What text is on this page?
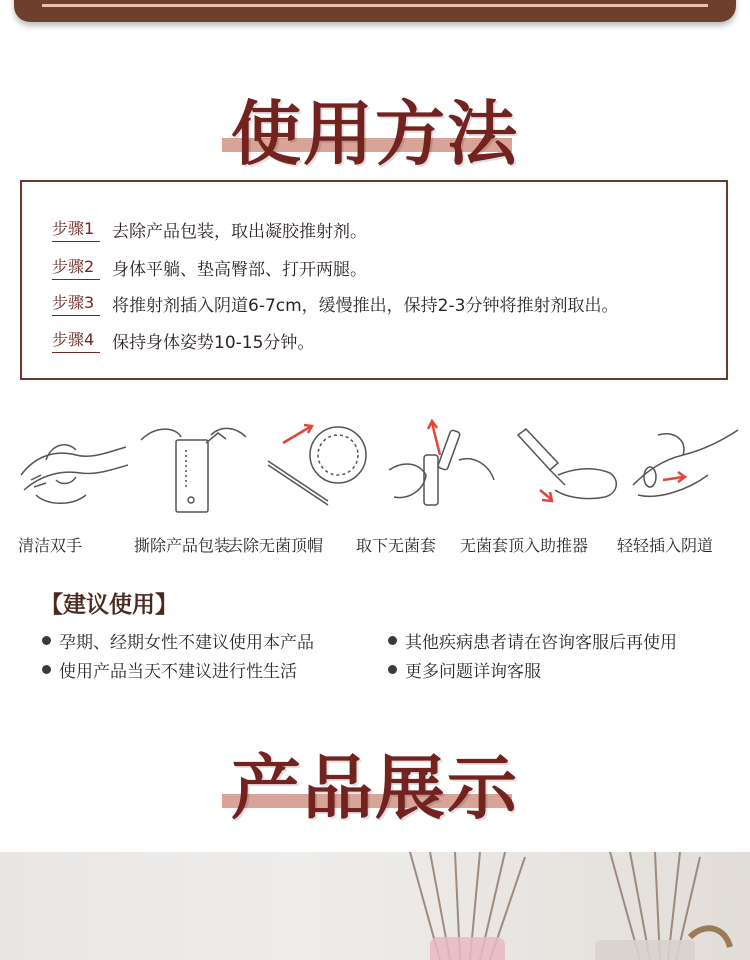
使用方法
步骤1	去除产品包装，取出凝胶推射剂。
步骤2	身体平躺、垫高臀部、打开两腿。
步骤3	将推射剂插入阴道6-7cm，缓慢推出，保持2-3分钟将推射剂取出。
步骤4	保持身体姿势10-15分钟。
清洁双手	撕除产品包装
去除无菌顶帽 取下无菌套 无菌套顶入助推器 轻轻插入阴道
【建议使用】
孕期、经期女性不建议使用本产品	其他疾病患者请在咨询客服后再使用
使用产品当天不建议进行性生活	更多问题详询客服
产品展示
